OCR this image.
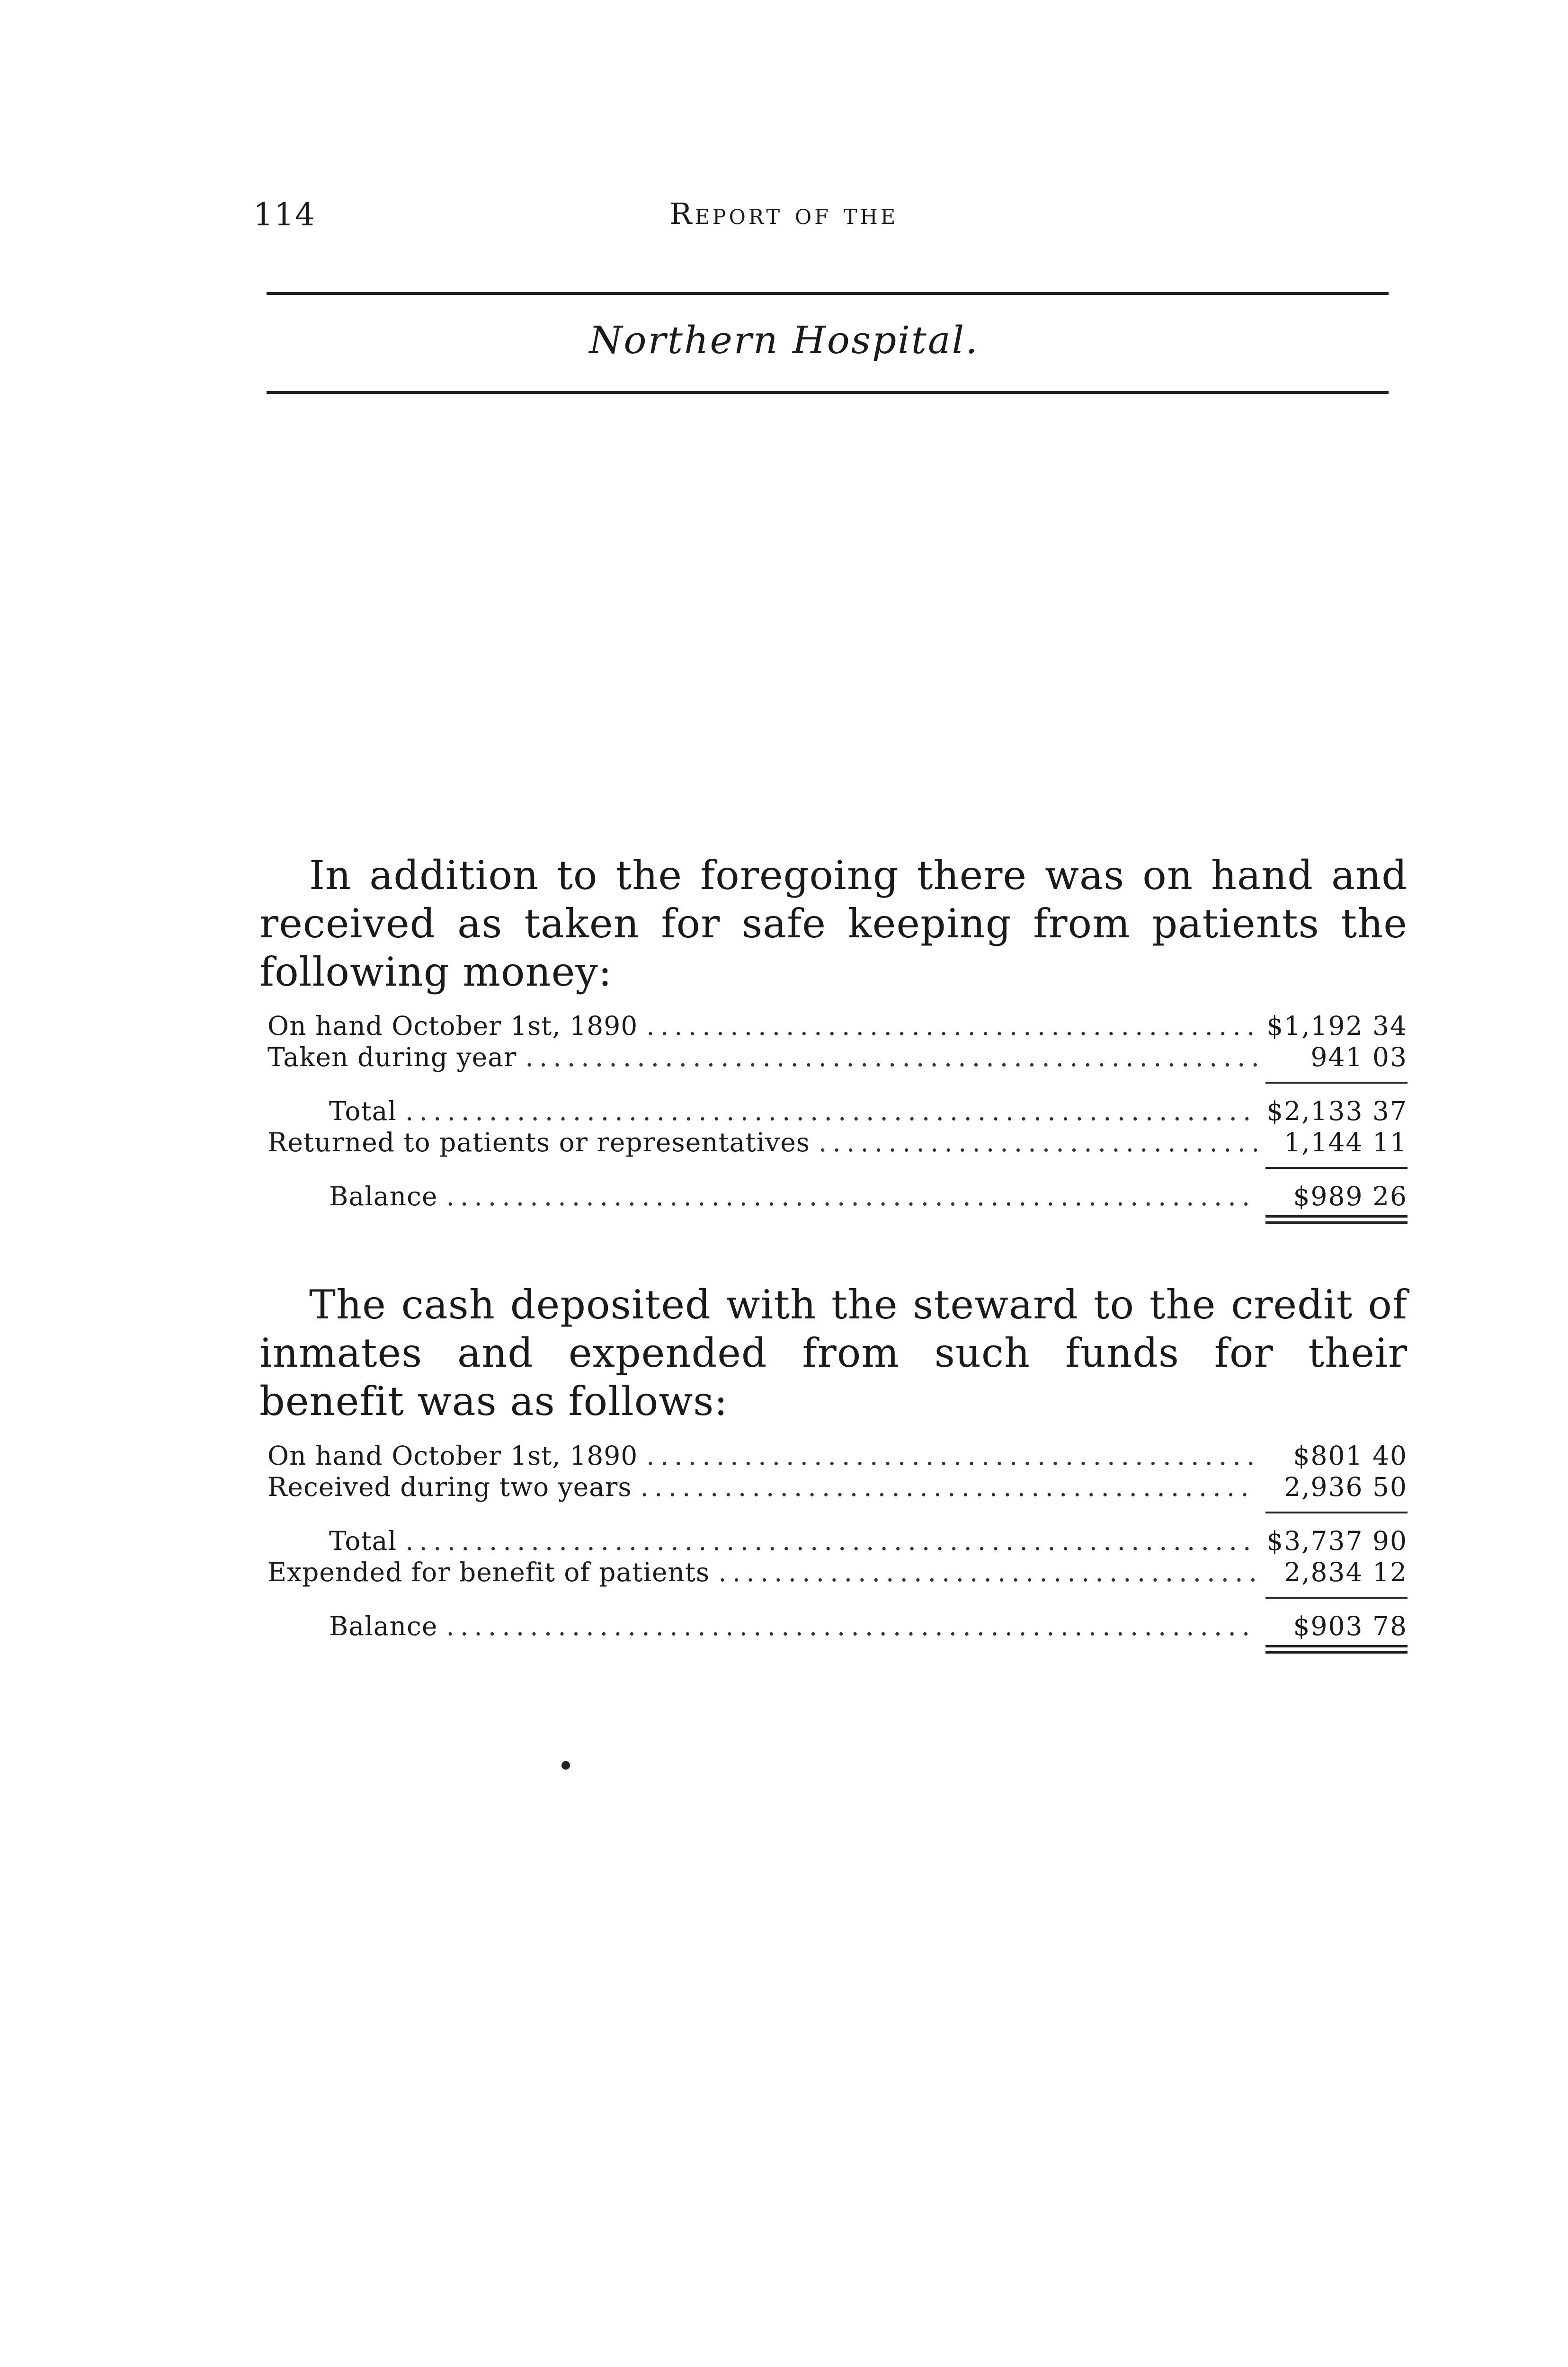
114	Report of the
Northern Hospital.
In addition to the foregoing there was on hand and received as taken for safe keeping from patients the following money:
On hand October 1st, 1890 .....	$1,192 34
Taken during year .....	941 03
Total .....	$2,133 37
Returned to patients or representatives .....	1,144 11
Balance .....	$989 26
The cash deposited with the steward to the credit of inmates and expended from such funds for their benefit was as follows:
On hand October 1st, 1890 .....	$801 40
Received during two years .....	2,936 50
Total .....	$3,737 90
Expended for benefit of patients .....	2,834 12
Balance .....	$903 78
